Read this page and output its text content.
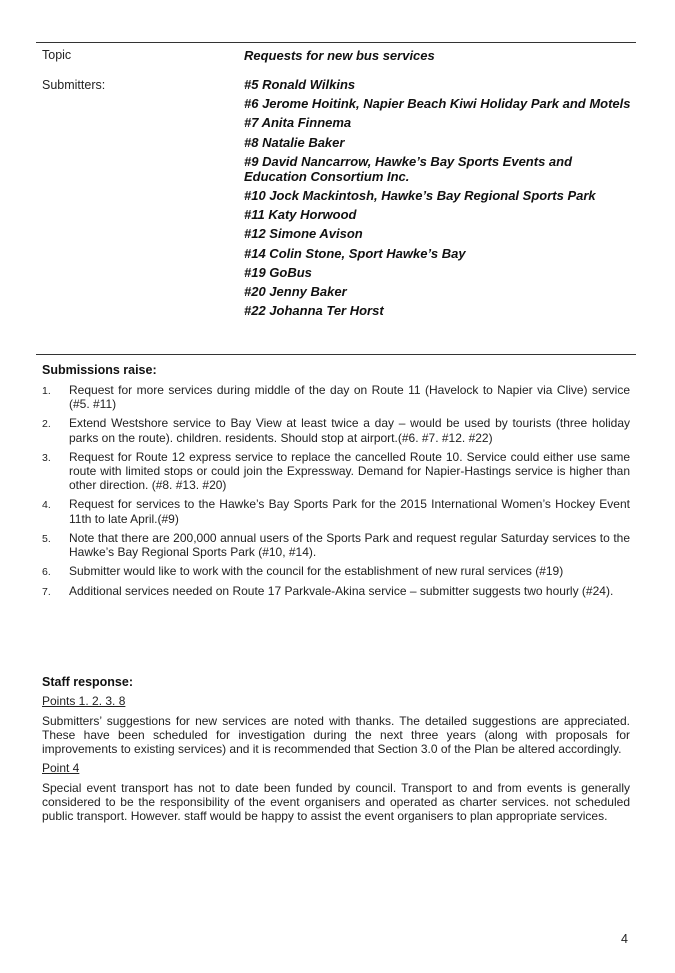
Topic	Requests for new bus services
Submitters:	#5 Ronald Wilkins
#6 Jerome Hoitink, Napier Beach Kiwi Holiday Park and Motels
#7 Anita Finnema
#8 Natalie Baker
#9 David Nancarrow, Hawke’s Bay Sports Events and Education Consortium Inc.
#10 Jock Mackintosh, Hawke’s Bay Regional Sports Park
#11 Katy Horwood
#12 Simone Avison
#14 Colin Stone, Sport Hawke’s Bay
#19 GoBus
#20 Jenny Baker
#22 Johanna Ter Horst

Submissions raise:

1.	Request for more services during middle of the day on Route 11 (Havelock to Napier via Clive) service (#5. #11)
2.	Extend Westshore service to Bay View at least twice a day – would be used by tourists (three holiday parks on the route). children. residents. Should stop at airport.(#6. #7. #12. #22)
3.	Request for Route 12 express service to replace the cancelled Route 10. Service could either use same route with limited stops or could join the Expressway. Demand for Napier-Hastings service is higher than other direction. (#8. #13. #20)
4.	Request for services to the Hawke’s Bay Sports Park for the 2015 International Women’s Hockey Event 11th to late April.(#9)
5.	Note that there are 200,000 annual users of the Sports Park and request regular Saturday services to the Hawke’s Bay Regional Sports Park (#10, #14).
6.	Submitter would like to work with the council for the establishment of new rural services (#19)
7.	Additional services needed on Route 17 Parkvale-Akina service – submitter suggests two hourly (#24).

Staff response:

Points 1. 2. 3. 8

Submitters’ suggestions for new services are noted with thanks. The detailed suggestions are appreciated. These have been scheduled for investigation during the next three years (along with proposals for improvements to existing services) and it is recommended that Section 3.0 of the Plan be altered accordingly.

Point 4

Special event transport has not to date been funded by council. Transport to and from events is generally considered to be the responsibility of the event organisers and operated as charter services. not scheduled public transport. However. staff would be happy to assist the event organisers to plan appropriate services.

4
